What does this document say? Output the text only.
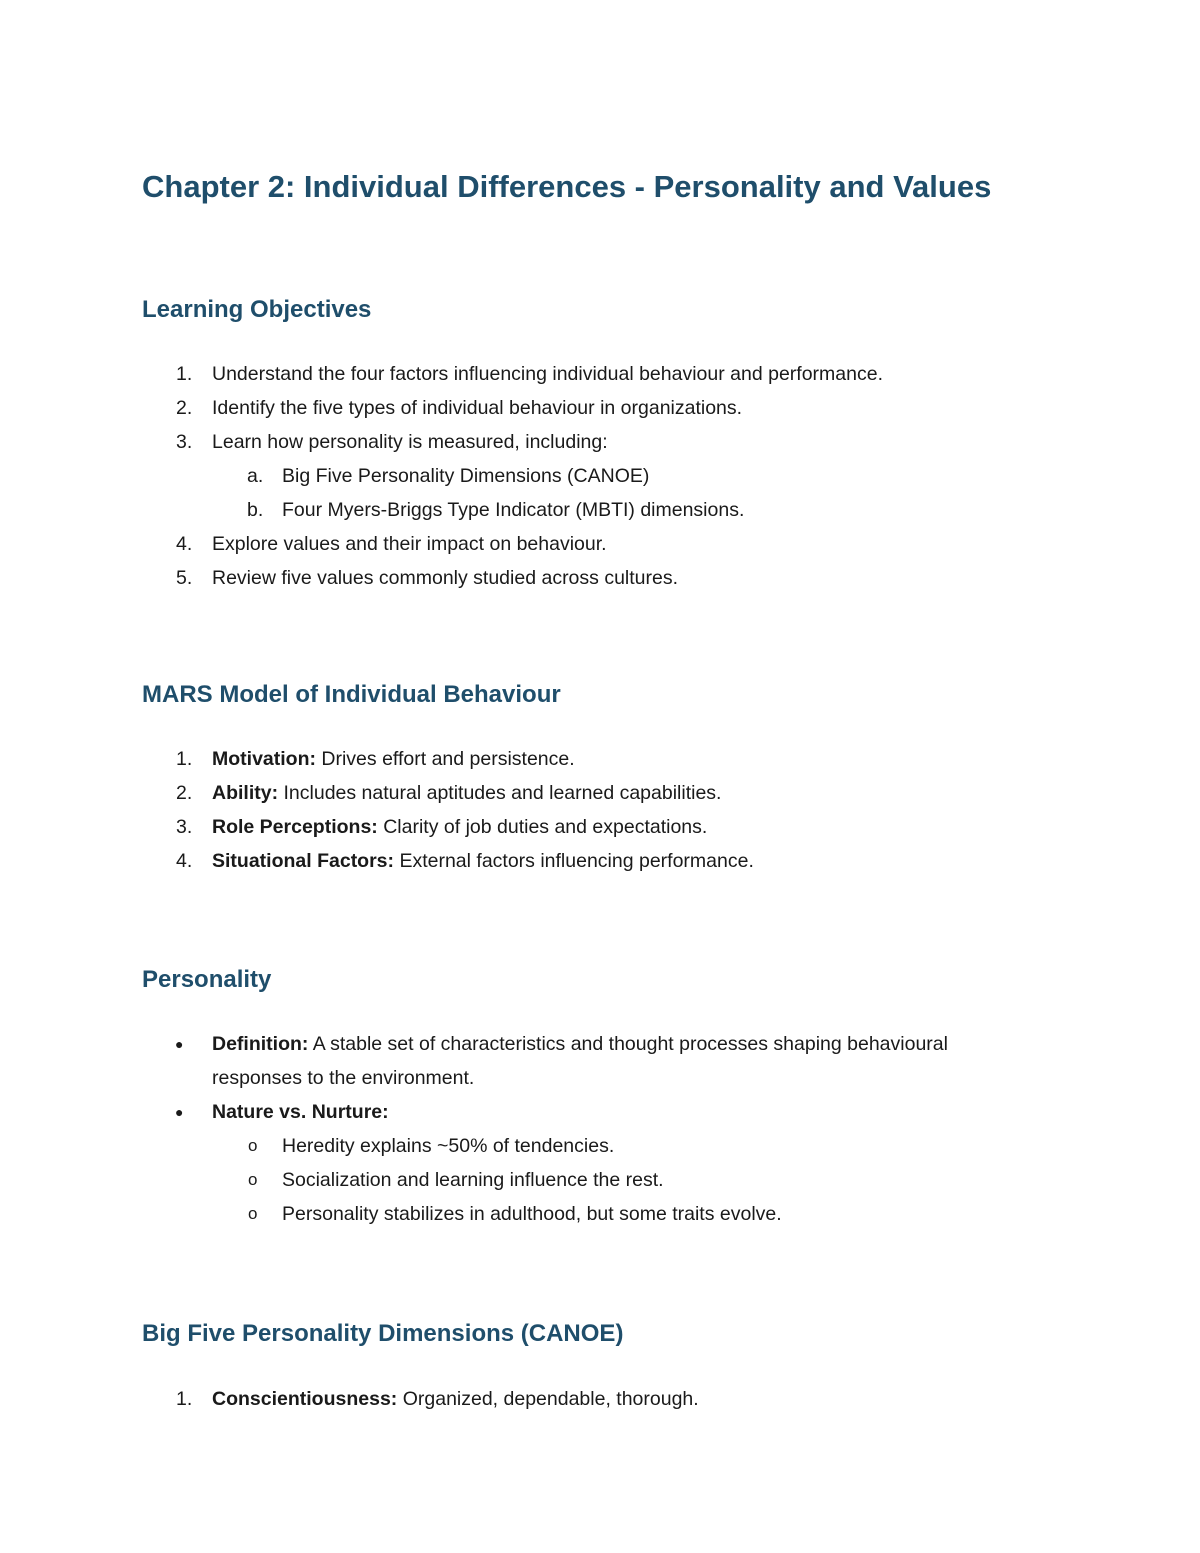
Chapter 2: Individual Differences - Personality and Values
Learning Objectives
1.	Understand the four factors influencing individual behaviour and performance.
2.	Identify the five types of individual behaviour in organizations.
3.	Learn how personality is measured, including:
a. Big Five Personality Dimensions (CANOE)
b. Four Myers-Briggs Type Indicator (MBTI) dimensions.
4.	Explore values and their impact on behaviour.
5.	Review five values commonly studied across cultures.
MARS Model of Individual Behaviour
1.	Motivation: Drives effort and persistence.
2.	Ability: Includes natural aptitudes and learned capabilities.
3.	Role Perceptions: Clarity of job duties and expectations.
4.	Situational Factors: External factors influencing performance.
Personality
●	Definition: A stable set of characteristics and thought processes shaping behavioural responses to the environment.
●	Nature vs. Nurture:
o	Heredity explains ~50% of tendencies.
o	Socialization and learning influence the rest.
o	Personality stabilizes in adulthood, but some traits evolve.
Big Five Personality Dimensions (CANOE)
1.	Conscientiousness: Organized, dependable, thorough.
